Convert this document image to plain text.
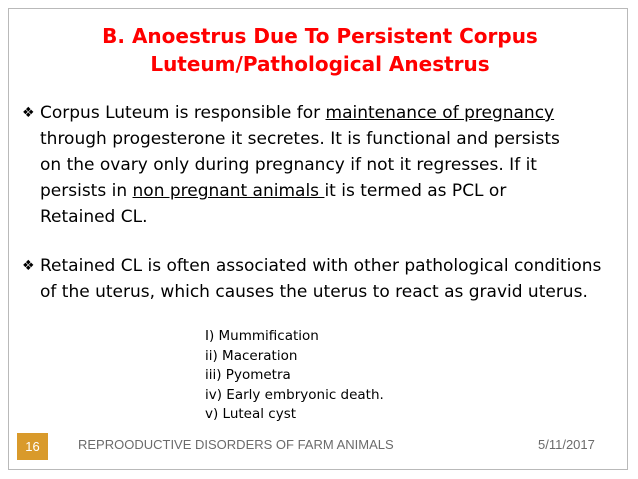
B. Anoestrus Due To Persistent Corpus
Luteum/Pathological Anestrus
❖ Corpus Luteum is responsible for maintenance of pregnancy through progesterone it secretes. It is functional and persists on the ovary only during pregnancy if not it regresses. If it persists in non pregnant animals it is termed as PCL or Retained CL.
❖ Retained CL is often associated with other pathological conditions of the uterus, which causes the uterus to react as gravid uterus.
I) Mummification
ii) Maceration
iii) Pyometra
iv) Early embryonic death.
v) Luteal cyst
16	REPROODUCTIVE DISORDERS OF FARM ANIMALS	5/11/2017
